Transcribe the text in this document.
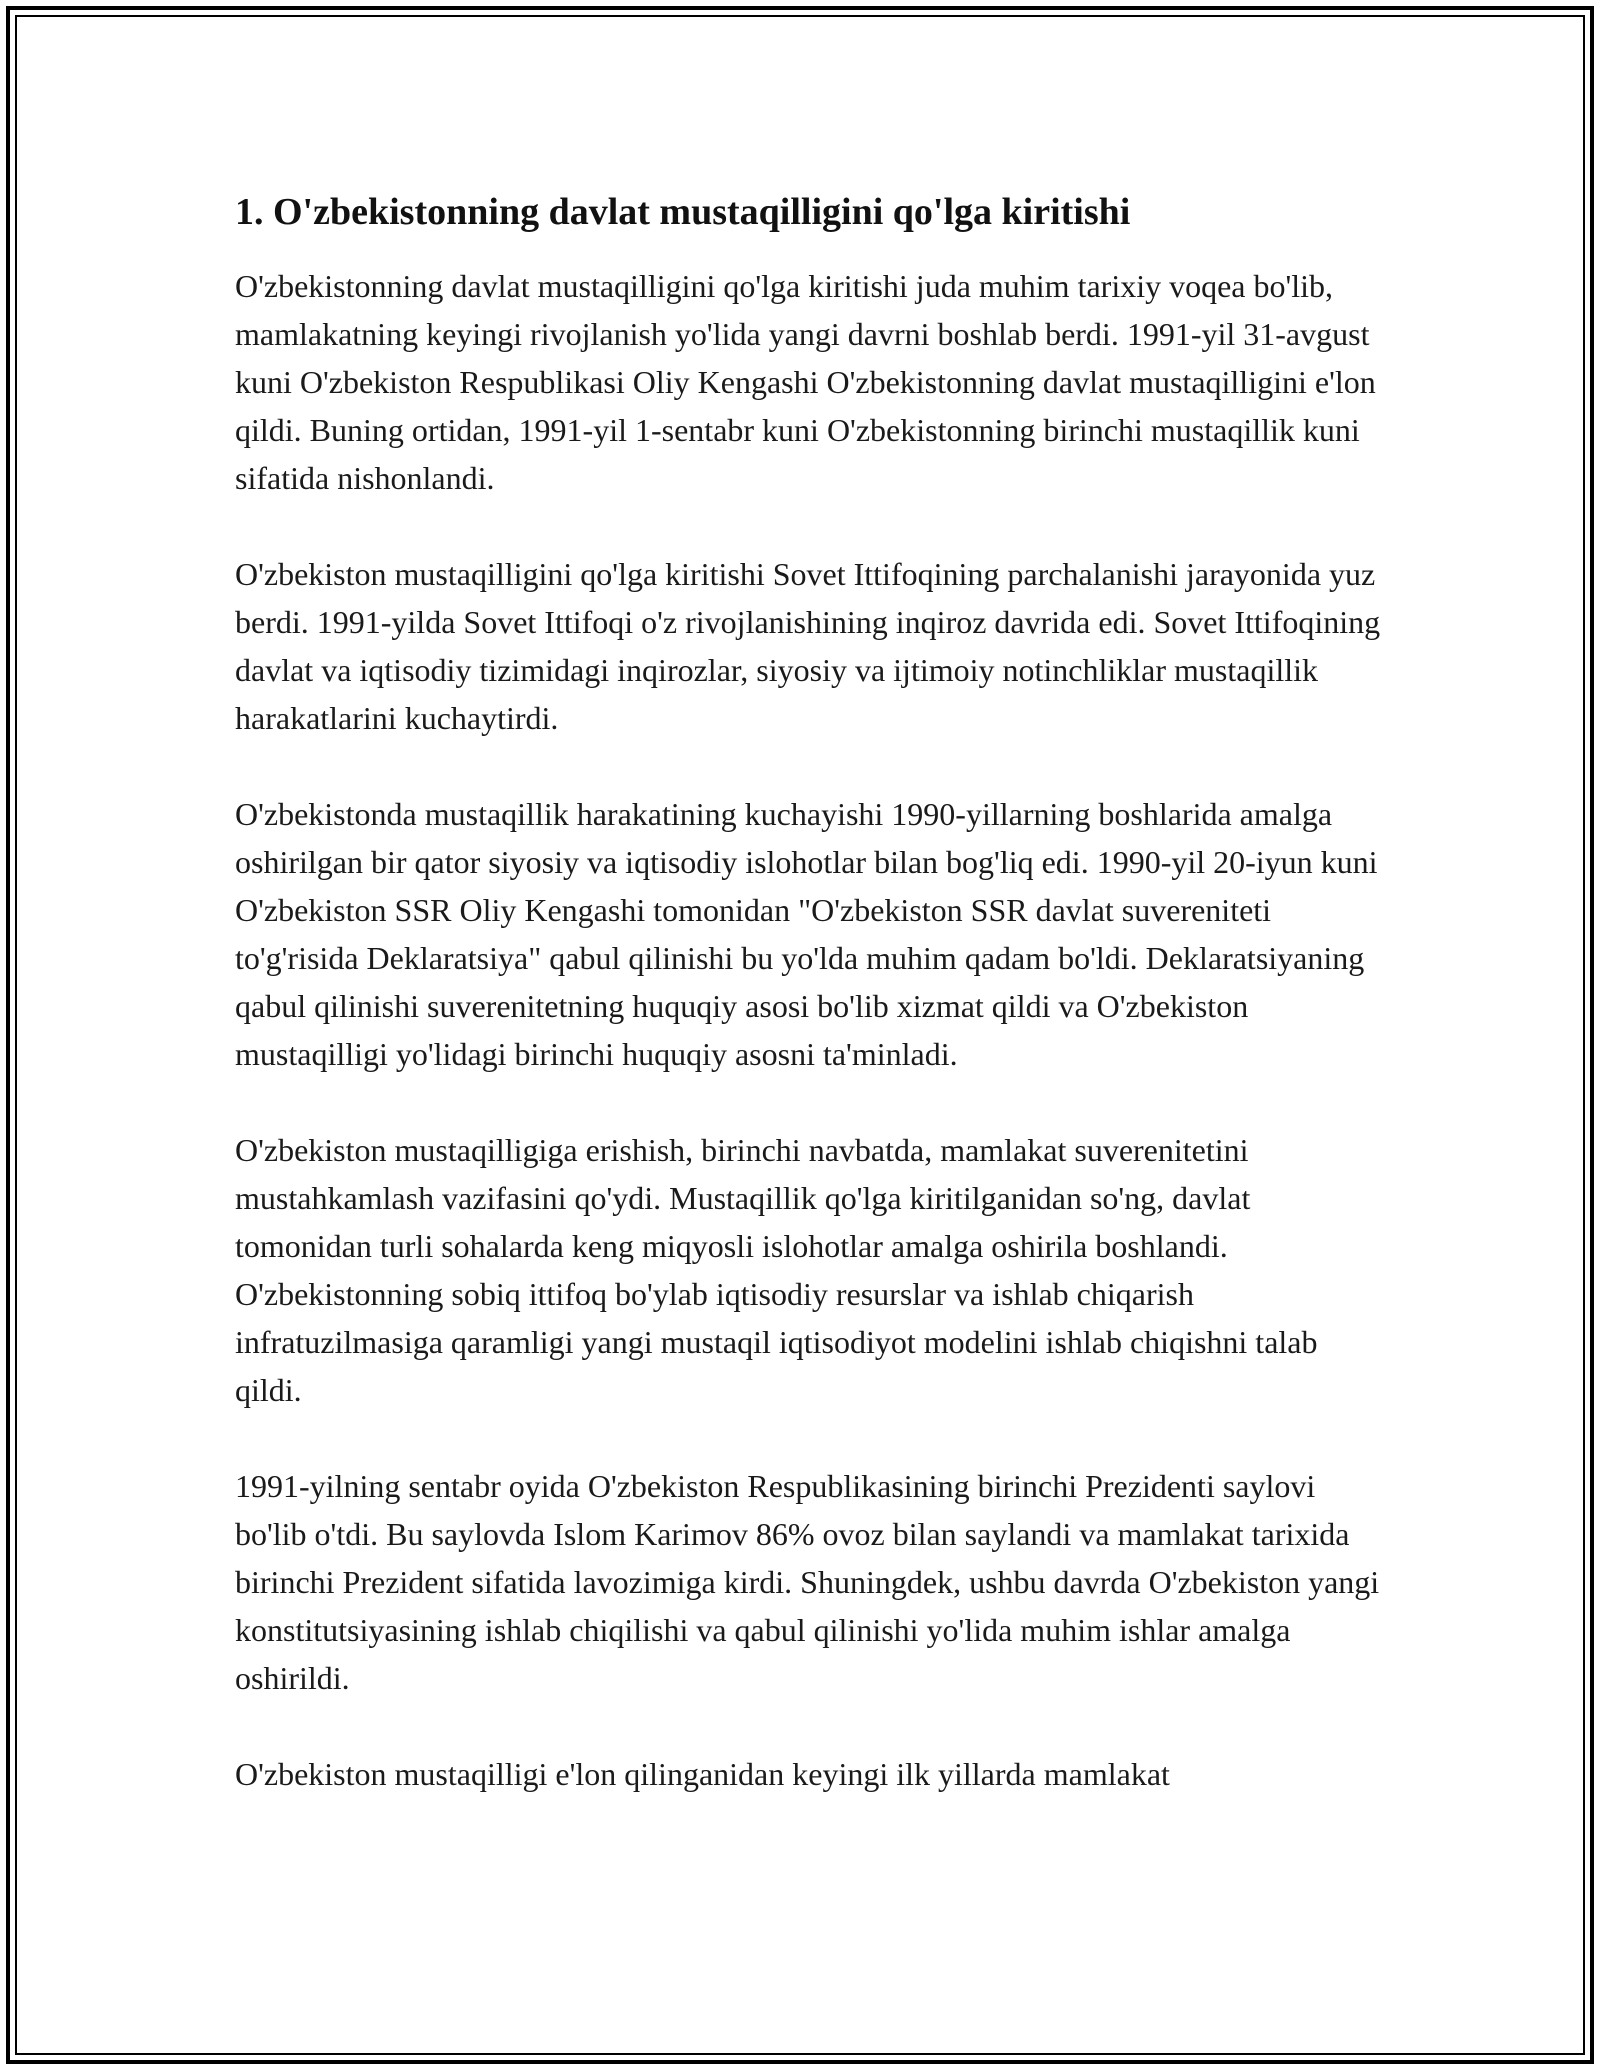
1. O'zbekistonning davlat mustaqilligini qo'lga kiritishi

O'zbekistonning davlat mustaqilligini qo'lga kiritishi juda muhim tarixiy voqea bo'lib, mamlakatning keyingi rivojlanish yo'lida yangi davrni boshlab berdi. 1991-yil 31-avgust kuni O'zbekiston Respublikasi Oliy Kengashi O'zbekistonning davlat mustaqilligini e'lon qildi. Buning ortidan, 1991-yil 1-sentabr kuni O'zbekistonning birinchi mustaqillik kuni sifatida nishonlandi.

O'zbekiston mustaqilligini qo'lga kiritishi Sovet Ittifoqining parchalanishi jarayonida yuz berdi. 1991-yilda Sovet Ittifoqi o'z rivojlanishining inqiroz davrida edi. Sovet Ittifoqining davlat va iqtisodiy tizimidagi inqirozlar, siyosiy va ijtimoiy notinchliklar mustaqillik harakatlarini kuchaytirdi.

O'zbekistonda mustaqillik harakatining kuchayishi 1990-yillarning boshlarida amalga oshirilgan bir qator siyosiy va iqtisodiy islohotlar bilan bog'liq edi. 1990-yil 20-iyun kuni O'zbekiston SSR Oliy Kengashi tomonidan "O'zbekiston SSR davlat suvereniteti to'g'risida Deklaratsiya" qabul qilinishi bu yo'lda muhim qadam bo'ldi. Deklaratsiyaning qabul qilinishi suverenitetning huquqiy asosi bo'lib xizmat qildi va O'zbekiston mustaqilligi yo'lidagi birinchi huquqiy asosni ta'minladi.

O'zbekiston mustaqilligiga erishish, birinchi navbatda, mamlakat suverenitetini mustahkamlash vazifasini qo'ydi. Mustaqillik qo'lga kiritilganidan so'ng, davlat tomonidan turli sohalarda keng miqyosli islohotlar amalga oshirila boshlandi. O'zbekistonning sobiq ittifoq bo'ylab iqtisodiy resurslar va ishlab chiqarish infratuzilmasiga qaramligi yangi mustaqil iqtisodiyot modelini ishlab chiqishni talab qildi.

1991-yilning sentabr oyida O'zbekiston Respublikasining birinchi Prezidenti saylovi bo'lib o'tdi. Bu saylovda Islom Karimov 86% ovoz bilan saylandi va mamlakat tarixida birinchi Prezident sifatida lavozimiga kirdi. Shuningdek, ushbu davrda O'zbekiston yangi konstitutsiyasining ishlab chiqilishi va qabul qilinishi yo'lida muhim ishlar amalga oshirildi.

O'zbekiston mustaqilligi e'lon qilinganidan keyingi ilk yillarda mamlakat
